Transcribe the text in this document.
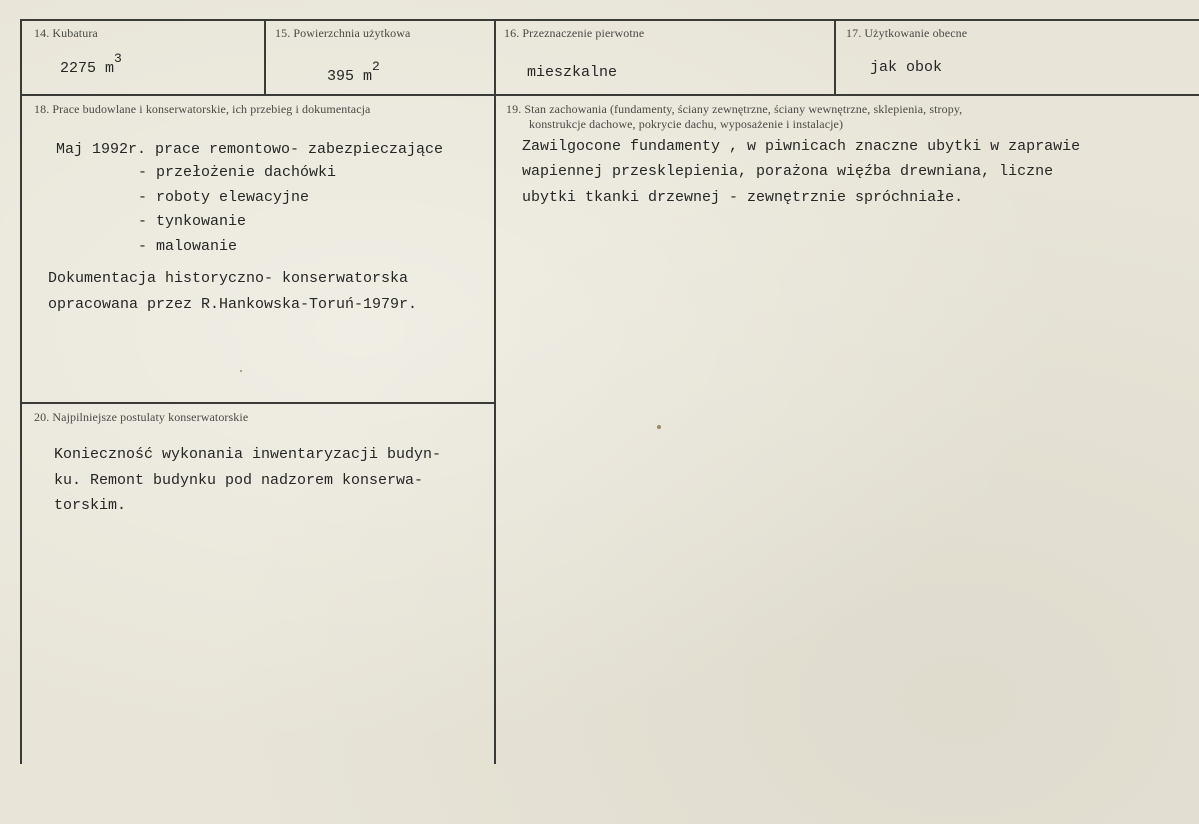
14. Kubatura
2275 m3
15. Powierzchnia użytkowa
395 m2
16. Przeznaczenie pierwotne
mieszkalne
17. Użytkowanie obecne
jak obok
18. Prace budowlane i konserwatorskie, ich przebieg i dokumentacja
Maj 1992r. prace remontowo- zabezpieczające
- przełożenie dachówki
- roboty elewacyjne
- tynkowanie
- malowanie
Dokumentacja historyczno- konserwatorska
opracowana przez R.Hankowska-Toruń-1979r.
19. Stan zachowania (fundamenty, ściany zewnętrzne, ściany wewnętrzne, sklepienia, stropy,
konstrukcje dachowe, pokrycie dachu, wyposażenie i instalacje)
Zawilgocone fundamenty , w piwnicach znaczne ubytki w zaprawie
wapiennej przesklepienia, porażona więźba drewniana, liczne
ubytki tkanki drzewnej - zewnętrznie spróchniałe.
20. Najpilniejsze postulaty konserwatorskie
Konieczność wykonania inwentaryzacji budyn-
ku. Remont budynku pod nadzorem konserwa-
torskim.
